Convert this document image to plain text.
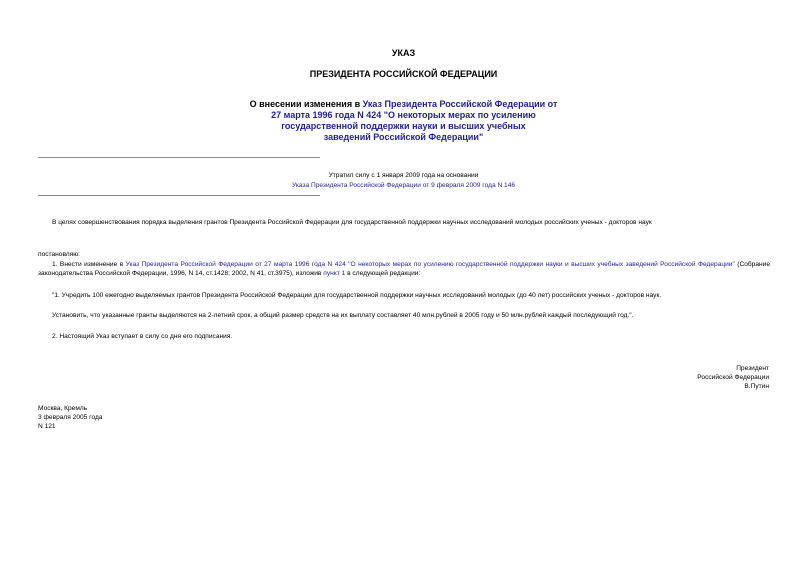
УКАЗ
ПРЕЗИДЕНТА РОССИЙСКОЙ ФЕДЕРАЦИИ
О внесении изменения в Указ Президента Российской Федерации от
27 марта 1996 года N 424 "О некоторых мерах по усилению
государственной поддержки науки и высших учебных
заведений Российской Федерации"
Утратил силу с 1 января 2009 года на основании
Указа Президента Российской Федерации от 9 февраля 2009 года N 146
В целях совершенствования порядка выделения грантов Президента Российской Федерации для государственной поддержки научных исследований молодых российских ученых - докторов наук
постановляю:
1. Внести изменение в Указ Президента Российской Федерации от 27 марта 1996 года N 424 "О некоторых мерах по усилению государственной поддержки науки и высших учебных заведений Российской Федерации" (Собрание законодательства Российской Федерации, 1996, N 14, ст.1428; 2002, N 41, ст.3975), изложив пункт 1 в следующей редакции:
"1. Учредить 100 ежегодно выделяемых грантов Президента Российской Федерации для государственной поддержки научных исследований молодых (до 40 лет) российских ученых - докторов наук.
Установить, что указанные гранты выделяются на 2-летний срок, а общий размер средств на их выплату составляет 40 млн.рублей в 2005 году и 50 млн.рублей каждый последующий год.".
2. Настоящий Указ вступает в силу со дня его подписания.
Президент
Российской Федерации
В.Путин
Москва, Кремль
3 февраля 2005 года
N 121
